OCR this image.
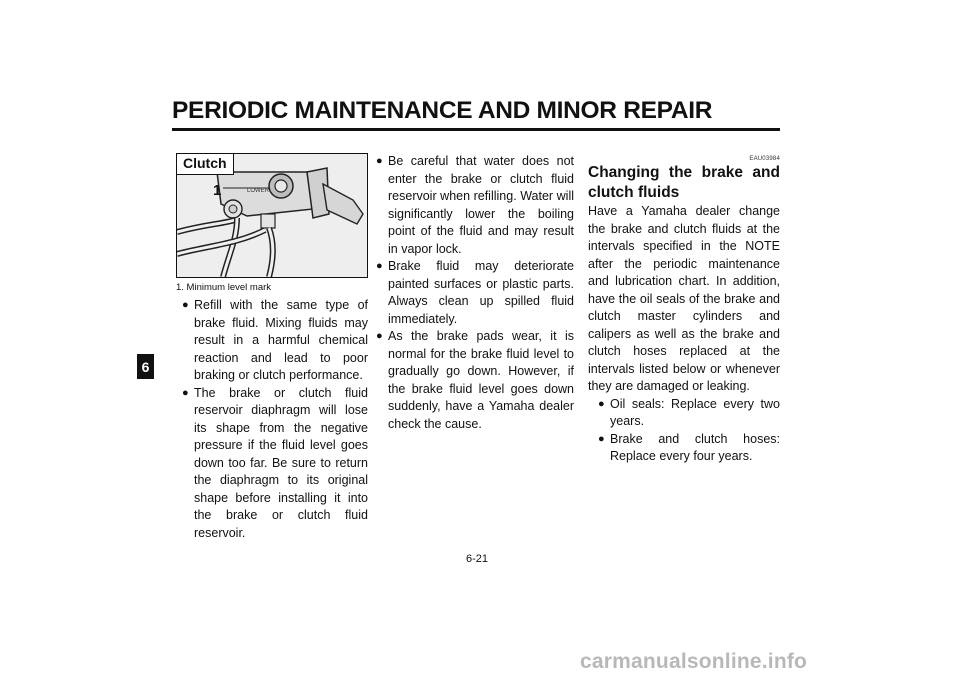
PERIODIC MAINTENANCE AND MINOR REPAIR
6
LOWER
Clutch
1
1. Minimum level mark
● Refill with the same type of brake fluid. Mixing fluids may result in a harmful chemical reaction and lead to poor braking or clutch performance.
● The brake or clutch fluid reservoir diaphragm will lose its shape from the negative pressure if the fluid level goes down too far. Be sure to return the diaphragm to its original shape before installing it into the brake or clutch fluid reservoir.
● Be careful that water does not enter the brake or clutch fluid reservoir when refilling. Water will significantly lower the boiling point of the fluid and may result in vapor lock.
● Brake fluid may deteriorate painted surfaces or plastic parts. Always clean up spilled fluid immediately.
● As the brake pads wear, it is normal for the brake fluid level to gradually go down. However, if the brake fluid level goes down suddenly, have a Yamaha dealer check the cause.

EAU03984

Changing the brake and clutch fluids

Have a Yamaha dealer change the brake and clutch fluids at the intervals specified in the NOTE after the periodic maintenance and lubrication chart. In addition, have the oil seals of the brake and clutch master cylinders and calipers as well as the brake and clutch hoses replaced at the intervals listed below or whenever they are damaged or leaking.

● Oil seals: Replace every two years.
● Brake and clutch hoses: Replace every four years.
6-21
carmanualsonline.info
